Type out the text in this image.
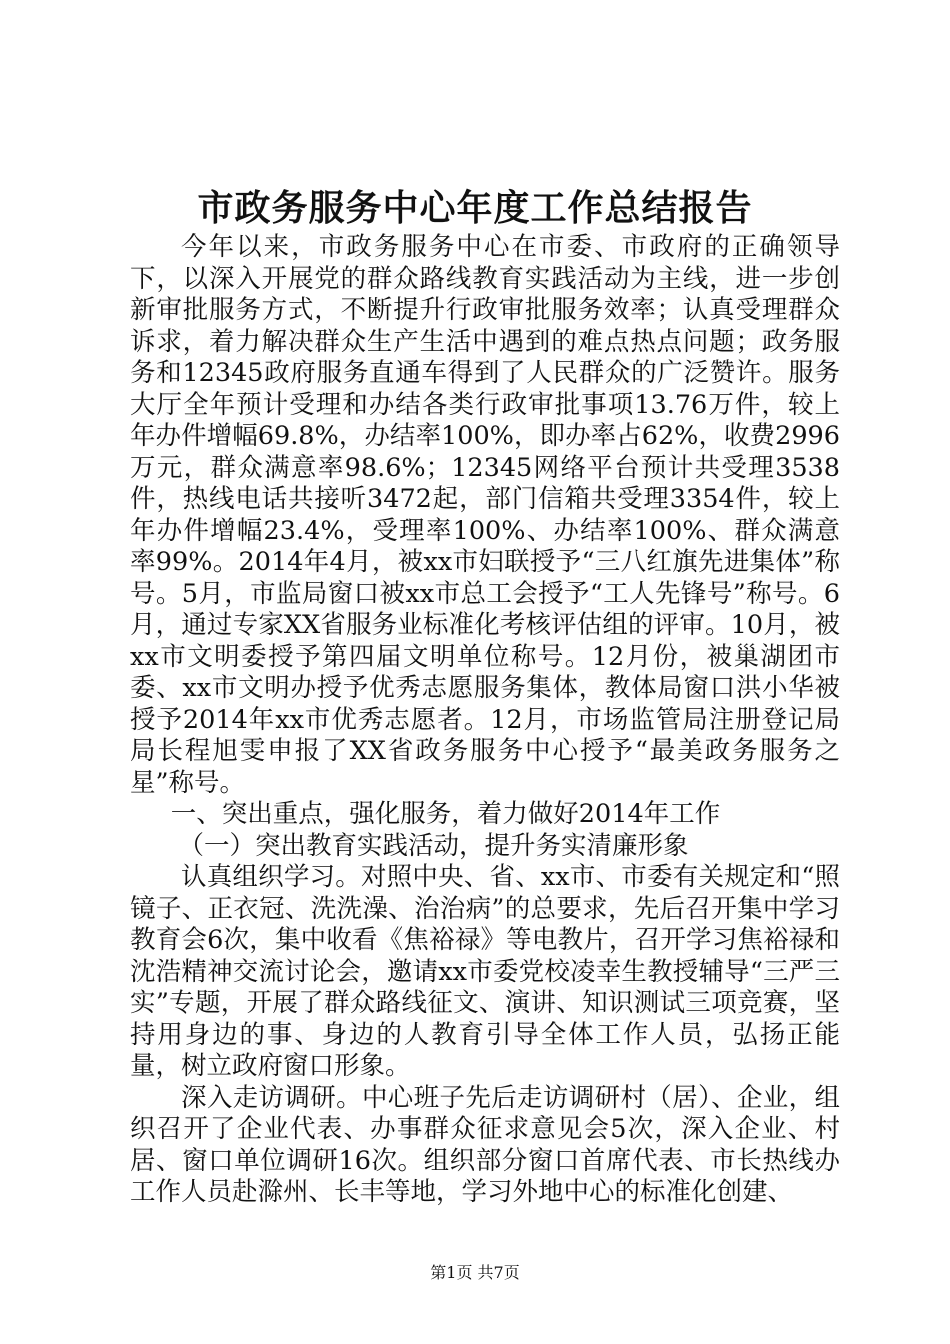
市政务服务中心年度工作总结报告

今年以来，市政务服务中心在市委、市政府的正确领导下，以深入开展党的群众路线教育实践活动为主线，进一步创新审批服务方式，不断提升行政审批服务效率；认真受理群众诉求，着力解决群众生产生活中遇到的难点热点问题；政务服务和12345政府服务直通车得到了人民群众的广泛赞许。服务大厅全年预计受理和办结各类行政审批事项13.76万件，较上年办件增幅69.8%，办结率100%，即办率占62%，收费2996万元，群众满意率98.6%；12345网络平台预计共受理3538件，热线电话共接听3472起，部门信箱共受理3354件，较上年办件增幅23.4%，受理率100%、办结率100%、群众满意率99%。2014年4月，被xx市妇联授予“三八红旗先进集体”称号。5月，市监局窗口被xx市总工会授予“工人先锋号”称号。6月，通过专家XX省服务业标准化考核评估组的评审。10月，被xx市文明委授予第四届文明单位称号。12月份，被巢湖团市委、xx市文明办授予优秀志愿服务集体，教体局窗口洪小华被授予2014年xx市优秀志愿者。12月，市场监管局注册登记局局长程旭雯申报了XX省政务服务中心授予“最美政务服务之星”称号。

一、突出重点，强化服务，着力做好2014年工作

（一）突出教育实践活动，提升务实清廉形象

认真组织学习。对照中央、省、xx市、市委有关规定和“照镜子、正衣冠、洗洗澡、治治病”的总要求，先后召开集中学习教育会6次，集中收看《焦裕禄》等电教片，召开学习焦裕禄和沈浩精神交流讨论会，邀请xx市委党校凌幸生教授辅导“三严三实”专题，开展了群众路线征文、演讲、知识测试三项竞赛，坚持用身边的事、身边的人教育引导全体工作人员，弘扬正能量，树立政府窗口形象。

深入走访调研。中心班子先后走访调研村（居）、企业，组织召开了企业代表、办事群众征求意见会5次，深入企业、村居、窗口单位调研16次。组织部分窗口首席代表、市长热线办工作人员赴滁州、长丰等地，学习外地中心的标准化创建、

第1页 共7页
